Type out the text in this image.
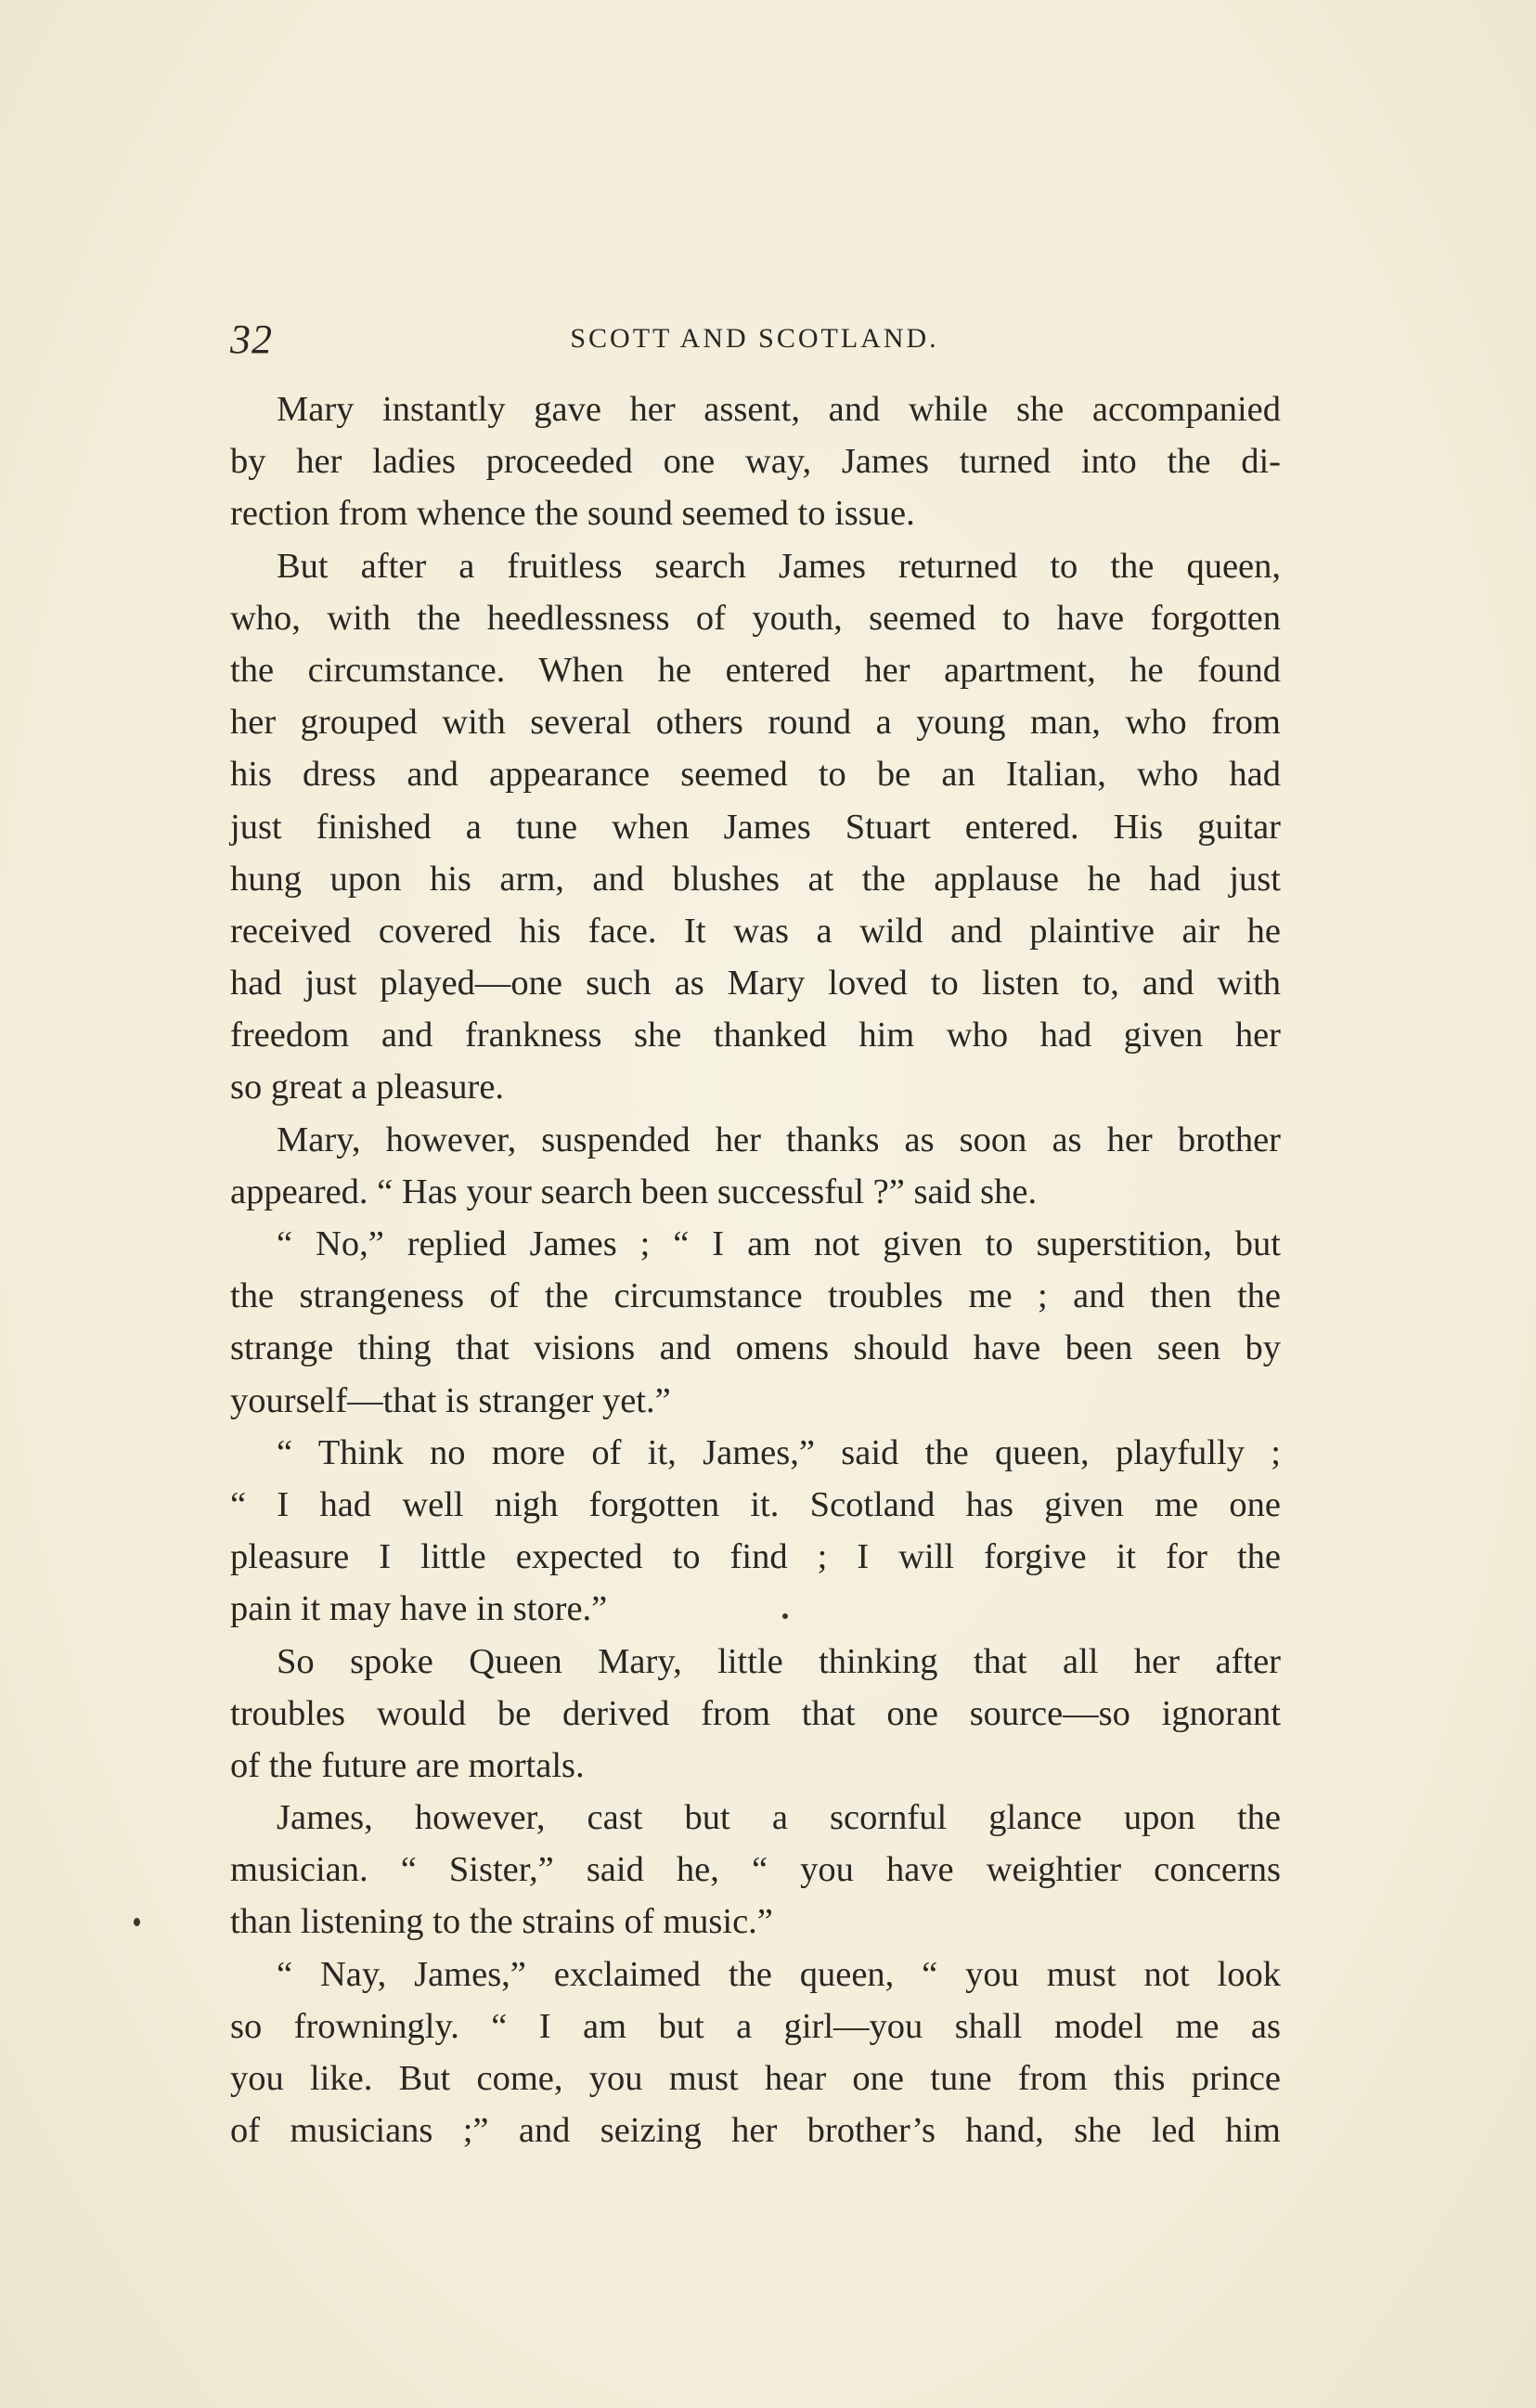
32	SCOTT AND SCOTLAND.
Mary instantly gave her assent, and while she accompanied
by her ladies proceeded one way, James turned into the di-
rection from whence the sound seemed to issue.
But after a fruitless search James returned to the queen,
who, with the heedlessness of youth, seemed to have forgotten
the circumstance. When he entered her apartment, he found
her grouped with several others round a young man, who from
his dress and appearance seemed to be an Italian, who had
just finished a tune when James Stuart entered. His guitar
hung upon his arm, and blushes at the applause he had just
received covered his face. It was a wild and plaintive air he
had just played—one such as Mary loved to listen to, and with
freedom and frankness she thanked him who had given her
so great a pleasure.
Mary, however, suspended her thanks as soon as her brother
appeared. “ Has your search been successful ?” said she.
“ No,” replied James ; “ I am not given to superstition, but
the strangeness of the circumstance troubles me ; and then the
strange thing that visions and omens should have been seen by
yourself—that is stranger yet.”
“ Think no more of it, James,” said the queen, playfully ;
“ I had well nigh forgotten it. Scotland has given me one
pleasure I little expected to find ; I will forgive it for the
pain it may have in store.”
So spoke Queen Mary, little thinking that all her after
troubles would be derived from that one source—so ignorant
of the future are mortals.
James, however, cast but a scornful glance upon the
musician. “ Sister,” said he, “ you have weightier concerns
than listening to the strains of music.”
“ Nay, James,” exclaimed the queen, “ you must not look
so frowningly. “ I am but a girl—you shall model me as
you like. But come, you must hear one tune from this prince
of musicians ;” and seizing her brother’s hand, she led him
